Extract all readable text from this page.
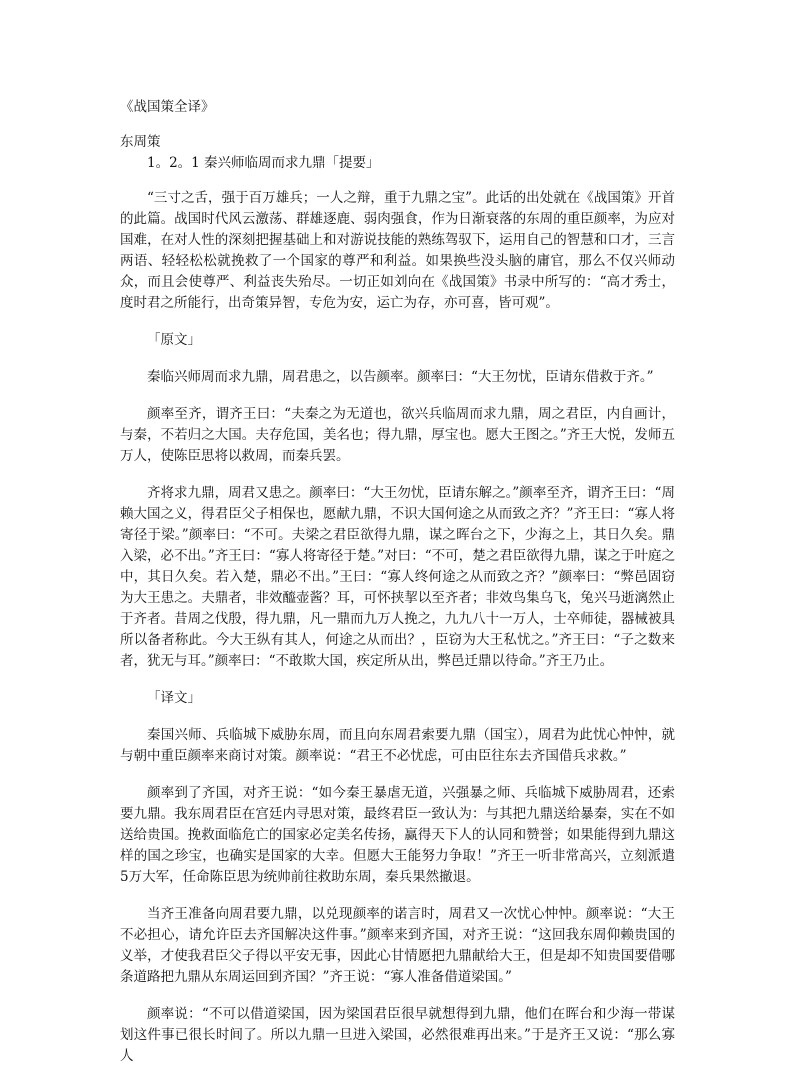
《战国策全译》
东周策
1。2。1 秦兴师临周而求九鼎「提要」
“三寸之舌，强于百万雄兵；一人之辩，重于九鼎之宝”。此话的出处就在《战国策》开首的此篇。战国时代风云激荡、群雄逐鹿、弱肉强食，作为日渐衰落的东周的重臣颜率，为应对国难，在对人性的深刻把握基础上和对游说技能的熟练驾驭下，运用自己的智慧和口才，三言两语、轻轻松松就挽救了一个国家的尊严和利益。如果换些没头脑的庸官，那么不仅兴师动众，而且会使尊严、利益丧失殆尽。一切正如刘向在《战国策》书录中所写的：“高才秀士，度时君之所能行，出奇策异智，专危为安，运亡为存，亦可喜，皆可观”。
「原文」
秦临兴师周而求九鼎，周君患之，以告颜率。颜率曰：“大王勿忧，臣请东借救于齐。”
颜率至齐，谓齐王曰：“夫秦之为无道也，欲兴兵临周而求九鼎，周之君臣，内自画计，与秦，不若归之大国。夫存危国，美名也；得九鼎，厚宝也。愿大王图之。”齐王大悦，发师五万人，使陈臣思将以救周，而秦兵罢。
齐将求九鼎，周君又患之。颜率曰：“大王勿忧，臣请东解之。”颜率至齐，谓齐王曰：“周赖大国之义，得君臣父子相保也，愿献九鼎，不识大国何途之从而致之齐？”齐王曰：“寡人将寄径于梁。”颜率曰：“不可。夫梁之君臣欲得九鼎，谋之晖台之下，少海之上，其日久矣。鼎入梁，必不出。”齐王曰：“寡人将寄径于楚。”对曰：“不可，楚之君臣欲得九鼎，谋之于叶庭之中，其日久矣。若入楚，鼎必不出。”王曰：“寡人终何途之从而致之齐？”颜率曰：“弊邑固窃为大王患之。夫鼎者，非效醯壶酱？耳，可怀挟挈以至齐者；非效鸟集乌飞，兔兴马逝漓然止于齐者。昔周之伐殷，得九鼎，凡一鼎而九万人挽之，九九八十一万人，士卒师徒，器械被具所以备者称此。今大王纵有其人，何途之从而出？，臣窃为大王私忧之。”齐王曰：“子之数来者，犹无与耳。”颜率曰：“不敢欺大国，疾定所从出，弊邑迁鼎以待命。”齐王乃止。
「译文」
秦国兴师、兵临城下威胁东周，而且向东周君索要九鼎（国宝），周君为此忧心忡忡，就与朝中重臣颜率来商讨对策。颜率说：“君王不必忧虑，可由臣往东去齐国借兵求救。”
颜率到了齐国，对齐王说：“如今秦王暴虐无道，兴强暴之师、兵临城下威胁周君，还索要九鼎。我东周君臣在宫廷内寻思对策，最终君臣一致认为：与其把九鼎送给暴秦，实在不如送给贵国。挽救面临危亡的国家必定美名传扬，赢得天下人的认同和赞誉；如果能得到九鼎这样的国之珍宝，也确实是国家的大幸。但愿大王能努力争取！”齐王一听非常高兴，立刻派遣5万大军，任命陈臣思为统帅前往救助东周，秦兵果然撤退。
当齐王准备向周君要九鼎，以兑现颜率的诺言时，周君又一次忧心忡忡。颜率说：“大王不必担心，请允许臣去齐国解决这件事。”颜率来到齐国，对齐王说：“这回我东周仰赖贵国的义举，才使我君臣父子得以平安无事，因此心甘情愿把九鼎献给大王，但是却不知贵国要借哪条道路把九鼎从东周运回到齐国？”齐王说：“寡人准备借道梁国。”
颜率说：“不可以借道梁国，因为梁国君臣很早就想得到九鼎，他们在晖台和少海一带谋划这件事已很长时间了。所以九鼎一旦进入梁国，必然很难再出来。”于是齐王又说：“那么寡人
